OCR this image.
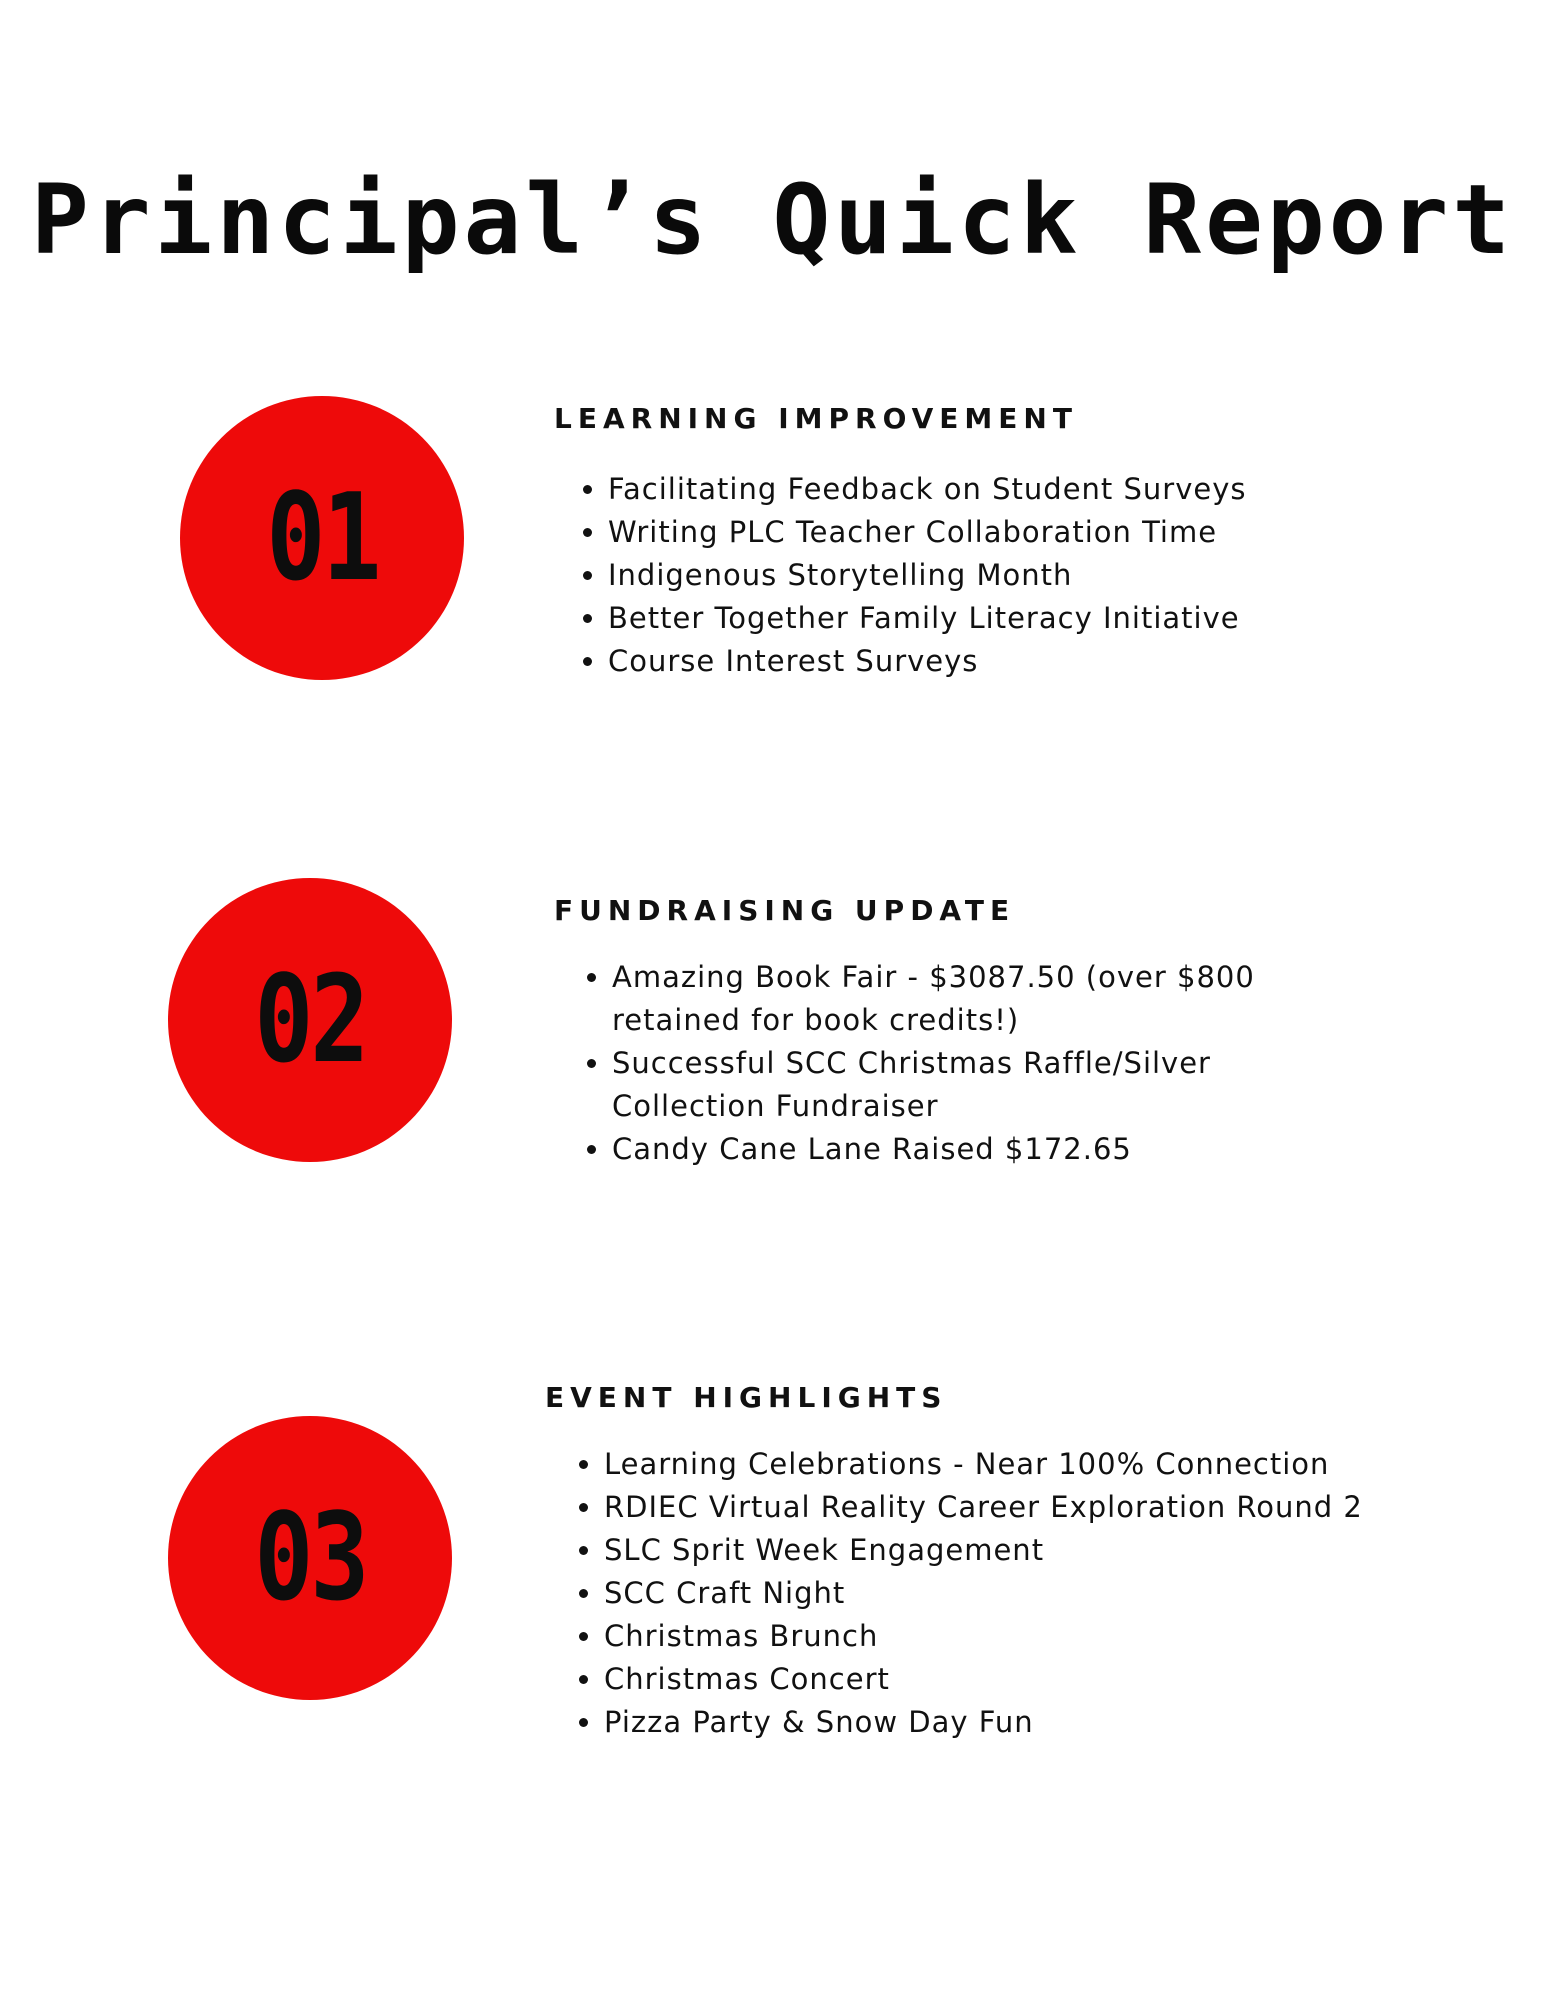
Principal’s Quick Report
01
LEARNING IMPROVEMENT
• Facilitating Feedback on Student Surveys
• Writing PLC Teacher Collaboration Time
• Indigenous Storytelling Month
• Better Together Family Literacy Initiative
• Course Interest Surveys
02
FUNDRAISING UPDATE
• Amazing Book Fair - $3087.50 (over $800 retained for book credits!)
• Successful SCC Christmas Raffle/Silver Collection Fundraiser
• Candy Cane Lane Raised $172.65
03
EVENT HIGHLIGHTS
• Learning Celebrations - Near 100% Connection
• RDIEC Virtual Reality Career Exploration Round 2
• SLC Sprit Week Engagement
• SCC Craft Night
• Christmas Brunch
• Christmas Concert
• Pizza Party & Snow Day Fun
